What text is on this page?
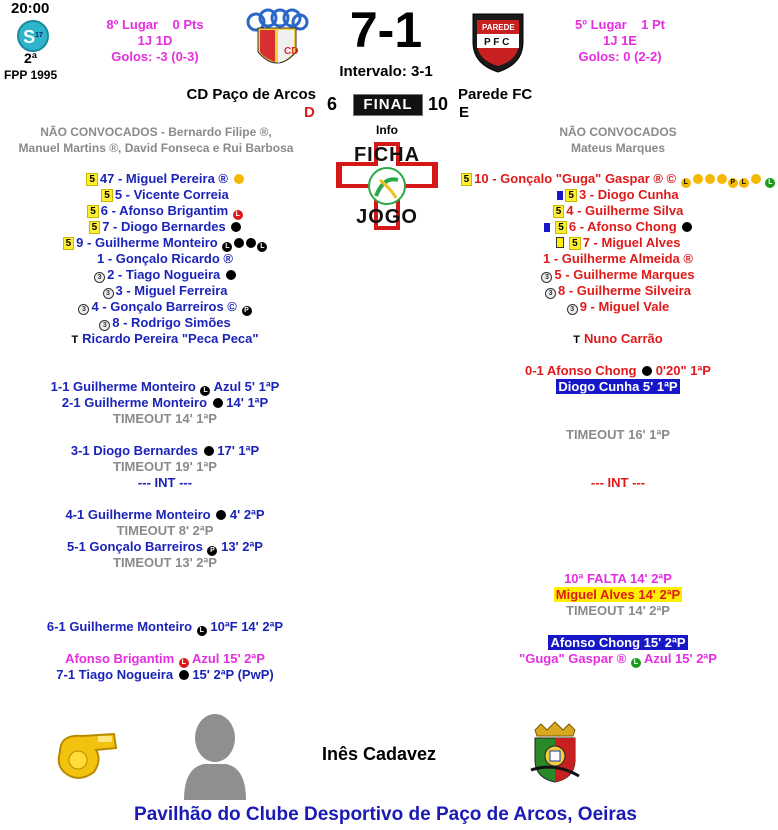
20:00
$S^{17}$
2ª
FPP 1995
8º Lugar 0 Pts
1J 1D
Golos: -3 (0-3)	CD	7-1
Intervalo: 3-1
PAREDE
P F C
5º Lugar 1 Pt
1J 1E
Golos: 0 (2-2)
CD Paço de Arcos
D 6	FINAL 10 Parede FC
E
NÃO CONVOCADOS - Bernardo Filipe ®,
Manuel Martins ®, David Fonseca e Rui Barbosa
NÃO CONVOCADOS
Mateus Marques
Info
FICHA
JOGO
5 47 - Miguel Pereira ®
5 5 - Vicente Correia
5 6 - Afonso Brigantim L
5 7 - Diogo Bernardes
5 9 - Guilherme Monteiro L	L
1 - Gonçalo Ricardo ®
3 2 - Tiago Nogueira
3 3 - Miguel Ferreira
3 4 - Gonçalo Barreiros © P
3 8 - Rodrigo Simões
T Ricardo Pereira "Peca Peca"
5 10 - Gonçalo "Guga" Gaspar ® © L	P L	L
5 3 - Diogo Cunha
5 4 - Guilherme Silva
5 6 - Afonso Chong
5 7 - Miguel Alves
1 - Guilherme Almeida ®
3 5 - Guilherme Marques
3 8 - Guilherme Silveira
3 9 - Miguel Vale
T Nuno Carrão
1-1 Guilherme Monteiro L Azul 5' 1ªP
2-1 Guilherme Monteiro 14' 1ªP
TIMEOUT 14' 1ªP
3-1 Diogo Bernardes 17' 1ªP
TIMEOUT 19' 1ªP
--- INT ---
4-1 Guilherme Monteiro 4' 2ªP
TIMEOUT 8' 2ªP
5-1 Gonçalo Barreiros P 13' 2ªP
TIMEOUT 13' 2ªP
6-1 Guilherme Monteiro L 10ªF 14' 2ªP
Afonso Brigantim L Azul 15' 2ªP
7-1 Tiago Nogueira 15' 2ªP (PwP)
0-1 Afonso Chong 0'20" 1ªP
Diogo Cunha 5' 1ªP
TIMEOUT 16' 1ªP
--- INT ---
10ª FALTA 14' 2ªP
Miguel Alves 14' 2ªP
TIMEOUT 14' 2ªP
Afonso Chong 15' 2ªP
"Guga" Gaspar ® L Azul 15' 2ªP
Inês Cadavez
Pavilhão do Clube Desportivo de Paço de Arcos, Oeiras
